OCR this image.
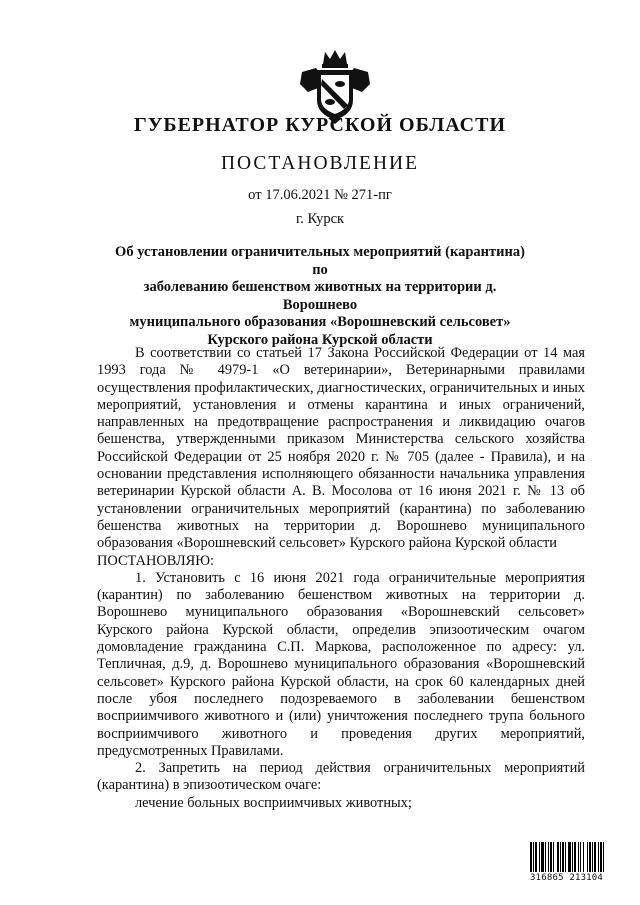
ГУБЕРНАТОР КУРСКОЙ ОБЛАСТИ
ПОСТАНОВЛЕНИЕ
от 17.06.2021 № 271-пг
г. Курск
Об установлении ограничительных мероприятий (карантина) по
заболеванию бешенством животных на территории д. Ворошнево
муниципального образования «Ворошневский сельсовет»
Курского района Курской области

В соответствии со статьей 17 Закона Российской Федерации от 14 мая 1993 года № 4979-1 «О ветеринарии», Ветеринарными правилами осуществления профилактических, диагностических, ограничительных и иных мероприятий, установления и отмены карантина и иных ограничений, направленных на предотвращение распространения и ликвидацию очагов бешенства, утвержденными приказом Министерства сельского хозяйства Российской Федерации от 25 ноября 2020 г. № 705 (далее - Правила), и на основании представления исполняющего обязанности начальника управления ветеринарии Курской области А. В. Мосолова от 16 июня 2021 г. № 13 об установлении ограничительных мероприятий (карантина) по заболеванию бешенства животных на территории д. Ворошнево муниципального образования «Ворошневский сельсовет» Курского района Курской области

ПОСТАНОВЛЯЮ:

1. Установить с 16 июня 2021 года ограничительные мероприятия (карантин) по заболеванию бешенством животных на территории д. Ворошнево муниципального образования «Ворошневский сельсовет» Курского района Курской области, определив эпизоотическим очагом домовладение гражданина С.П. Маркова, расположенное по адресу: ул. Тепличная, д.9, д. Ворошнево муниципального образования «Ворошневский сельсовет» Курского района Курской области, на срок 60 календарных дней после убоя последнего подозреваемого в заболевании бешенством восприимчивого животного и (или) уничтожения последнего трупа больного восприимчивого животного и проведения других мероприятий, предусмотренных Правилами.

2. Запретить на период действия ограничительных мероприятий (карантина) в эпизоотическом очаге:

лечение больных восприимчивых животных;

316865 213104
